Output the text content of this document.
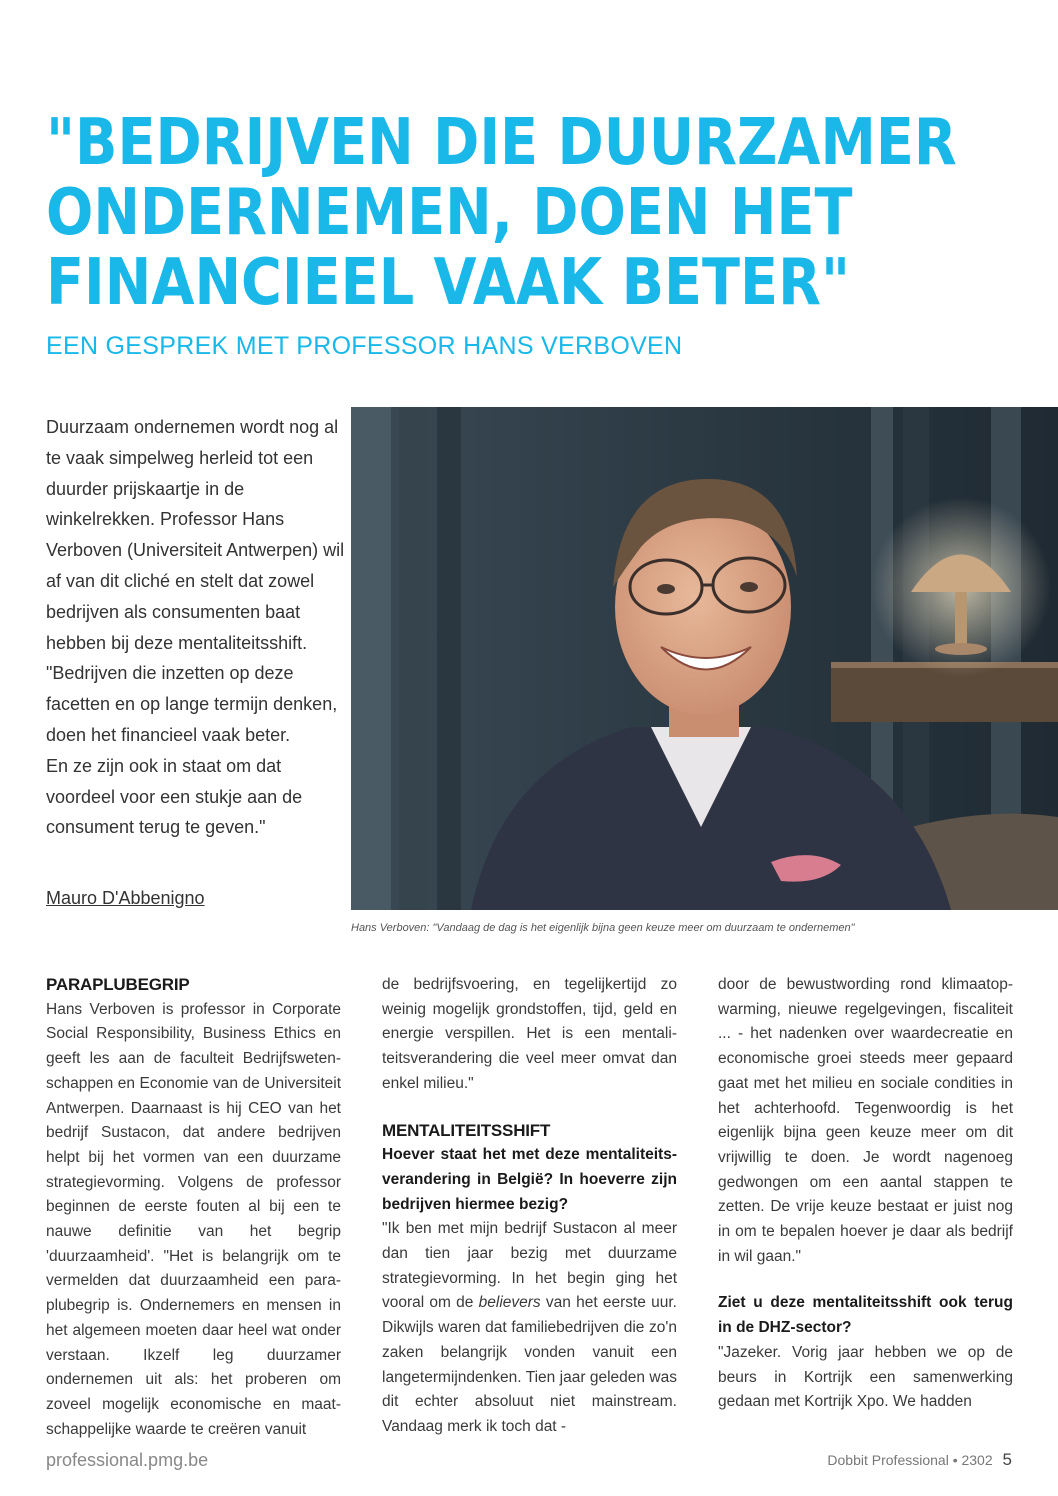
"BEDRIJVEN DIE DUURZAMER
ONDERNEMEN, DOEN HET
FINANCIEEL VAAK BETER"
EEN GESPREK MET PROFESSOR HANS VERBOVEN

Duurzaam ondernemen wordt nog al te vaak simpelweg herleid tot een duurder prijskaartje in de winkelrekken. Professor Hans Verboven (Universiteit Antwerpen) wil af van dit cliché en stelt dat zowel bedrijven als consumenten baat hebben bij deze mentaliteitsshift. "Bedrijven die inzetten op deze facetten en op lange termijn denken, doen het financieel vaak beter.

En ze zijn ook in staat om dat voordeel voor een stukje aan de consument terug te geven."

Mauro D'Abbenigno
Hans Verboven: "Vandaag de dag is het eigenlijk bijna geen keuze meer om duurzaam te ondernemen"
PARAPLUBEGRIP

Hans Verboven is professor in Corporate Social Responsibility, Business Ethics en geeft les aan de faculteit Bedrijfswetenschappen en Economie van de Universiteit Antwerpen. Daarnaast is hij CEO van het bedrijf Sustacon, dat andere bedrijven helpt bij het vormen van een duurzame strategievorming. Volgens de professor beginnen de eerste fouten al bij een te nauwe definitie van het begrip 'duurzaamheid'. "Het is belangrijk om te vermelden dat duurzaamheid een paraplubegrip is. Ondernemers en mensen in het algemeen moeten daar heel wat onder verstaan. Ikzelf leg duurzamer ondernemen uit als: het proberen om zoveel mogelijk economische en maatschappelijke waarde te creëren vanuit

de bedrijfsvoering, en tegelijkertijd zo weinig mogelijk grondstoffen, tijd, geld en energie verspillen. Het is een mentaliteitsverandering die veel meer omvat dan enkel milieu."

MENTALITEITSSHIFT

Hoever staat het met deze mentaliteitsverandering in België? In hoeverre zijn bedrijven hiermee bezig?

"Ik ben met mijn bedrijf Sustacon al meer dan tien jaar bezig met duurzame strategievorming. In het begin ging het vooral om de believers van het eerste uur. Dikwijls waren dat familiebedrijven die zo'n zaken belangrijk vonden vanuit een langetermijndenken. Tien jaar geleden was dit echter absoluut niet mainstream. Vandaag merk ik toch dat -

door de bewustwording rond klimaatopwarming, nieuwe regelgevingen, fiscaliteit ... - het nadenken over waardecreatie en economische groei steeds meer gepaard gaat met het milieu en sociale condities in het achterhoofd. Tegenwoordig is het eigenlijk bijna geen keuze meer om dit vrijwillig te doen. Je wordt nagenoeg gedwongen om een aantal stappen te zetten. De vrije keuze bestaat er juist nog in om te bepalen hoever je daar als bedrijf in wil gaan."

Ziet u deze mentaliteitsshift ook terug in de DHZ-sector?

"Jazeker. Vorig jaar hebben we op de beurs in Kortrijk een samenwerking gedaan met Kortrijk Xpo. We hadden

professional.pmg.be	Dobbit Professional • 2302 5
